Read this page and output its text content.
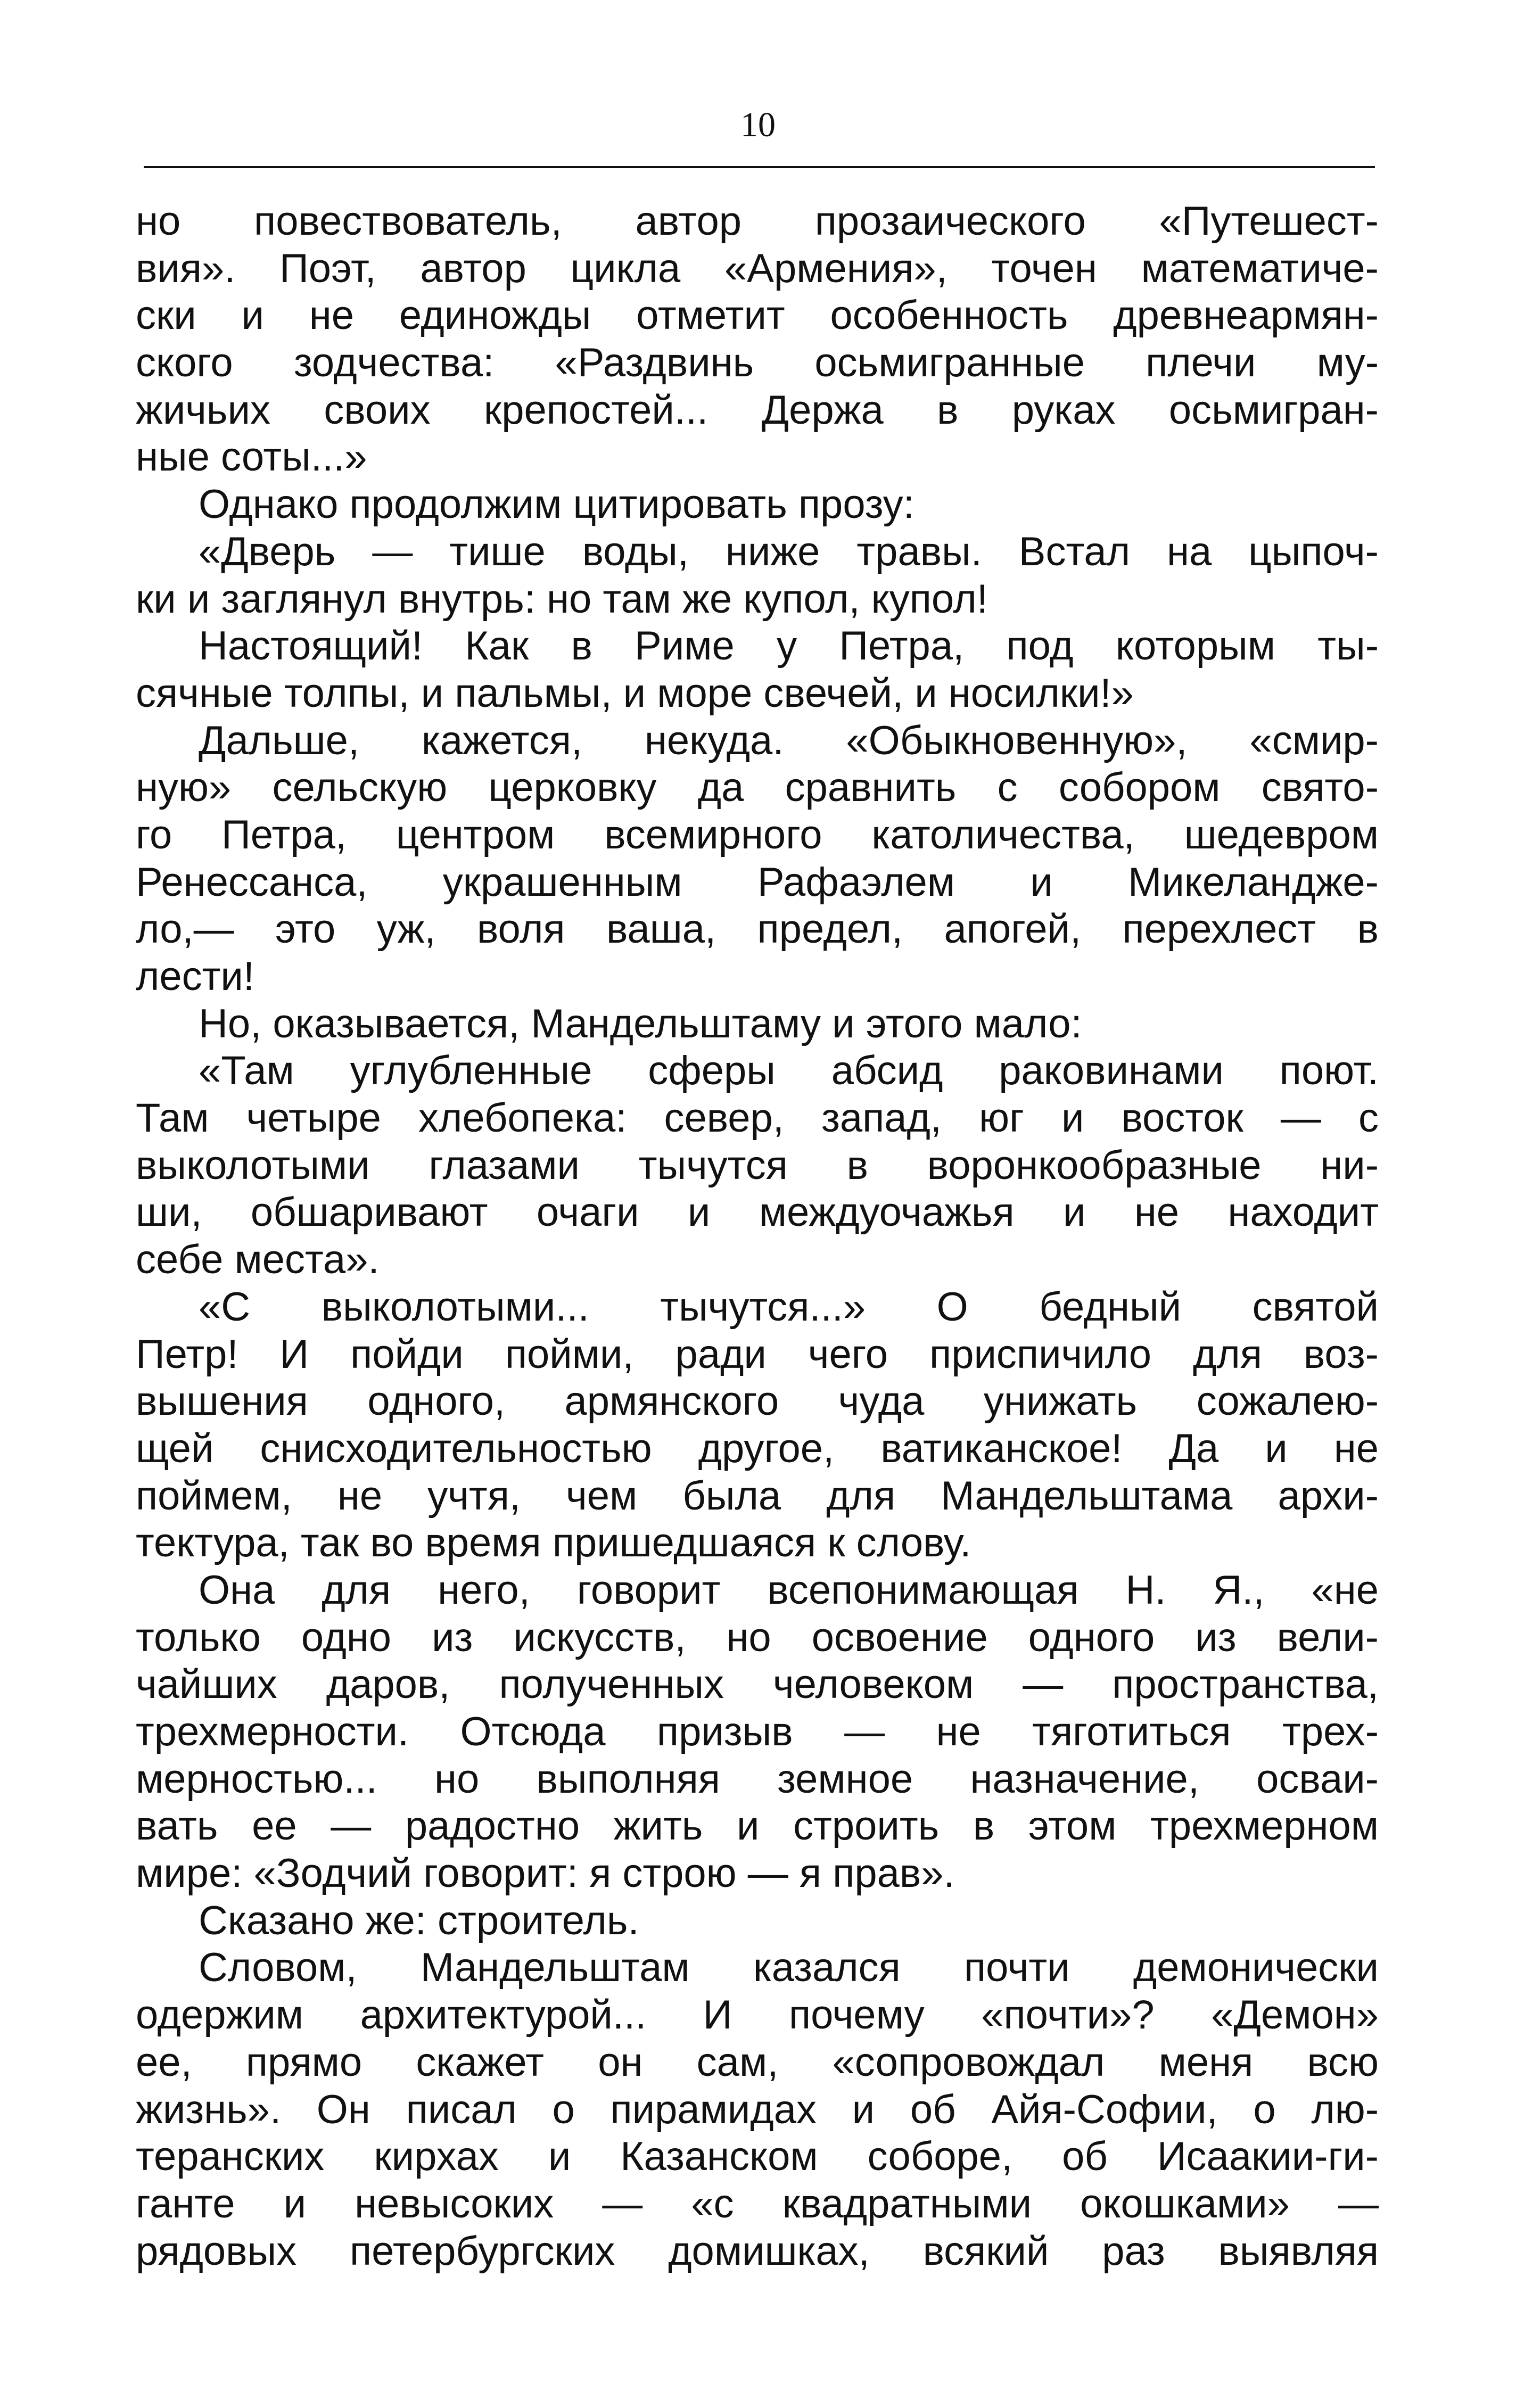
10
но повествователь, автор прозаического «Путешест-
вия». Поэт, автор цикла «Армения», точен математиче-
ски и не единожды отметит особенность древнеармян-
ского зодчества: «Раздвинь осьмигранные плечи му-
жичьих своих крепостей... Держа в руках осьмигран-
ные соты...»
Однако продолжим цитировать прозу:
«Дверь — тише воды, ниже травы. Встал на цыпоч-
ки и заглянул внутрь: но там же купол, купол!
Настоящий! Как в Риме у Петра, под которым ты-
сячные толпы, и пальмы, и море свечей, и носилки!»
Дальше, кажется, некуда. «Обыкновенную», «смир-
ную» сельскую церковку да сравнить с собором свято-
го Петра, центром всемирного католичества, шедевром
Ренессанса, украшенным Рафаэлем и Микеландже-
ло,— это уж, воля ваша, предел, апогей, перехлест в
лести!
Но, оказывается, Мандельштаму и этого мало:
«Там углубленные сферы абсид раковинами поют.
Там четыре хлебопека: север, запад, юг и восток — с
выколотыми глазами тычутся в воронкообразные ни-
ши, обшаривают очаги и междуочажья и не находит
себе места».
«С выколотыми... тычутся...» О бедный святой
Петр! И пойди пойми, ради чего приспичило для воз-
вышения одного, армянского чуда унижать сожалею-
щей снисходительностью другое, ватиканское! Да и не
поймем, не учтя, чем была для Мандельштама архи-
тектура, так во время пришедшаяся к слову.
Она для него, говорит всепонимающая Н. Я., «не
только одно из искусств, но освоение одного из вели-
чайших даров, полученных человеком — пространства,
трехмерности. Отсюда призыв — не тяготиться трех-
мерностью... но выполняя земное назначение, осваи-
вать ее — радостно жить и строить в этом трехмерном
мире: «Зодчий говорит: я строю — я прав».
Сказано же: строитель.
Словом, Мандельштам казался почти демонически
одержим архитектурой... И почему «почти»? «Демон»
ее, прямо скажет он сам, «сопровождал меня всю
жизнь». Он писал о пирамидах и об Айя-Софии, о лю-
теранских кирхах и Казанском соборе, об Исаакии-ги-
ганте и невысоких — «с квадратными окошками» —
рядовых петербургских домишках, всякий раз выявляя
